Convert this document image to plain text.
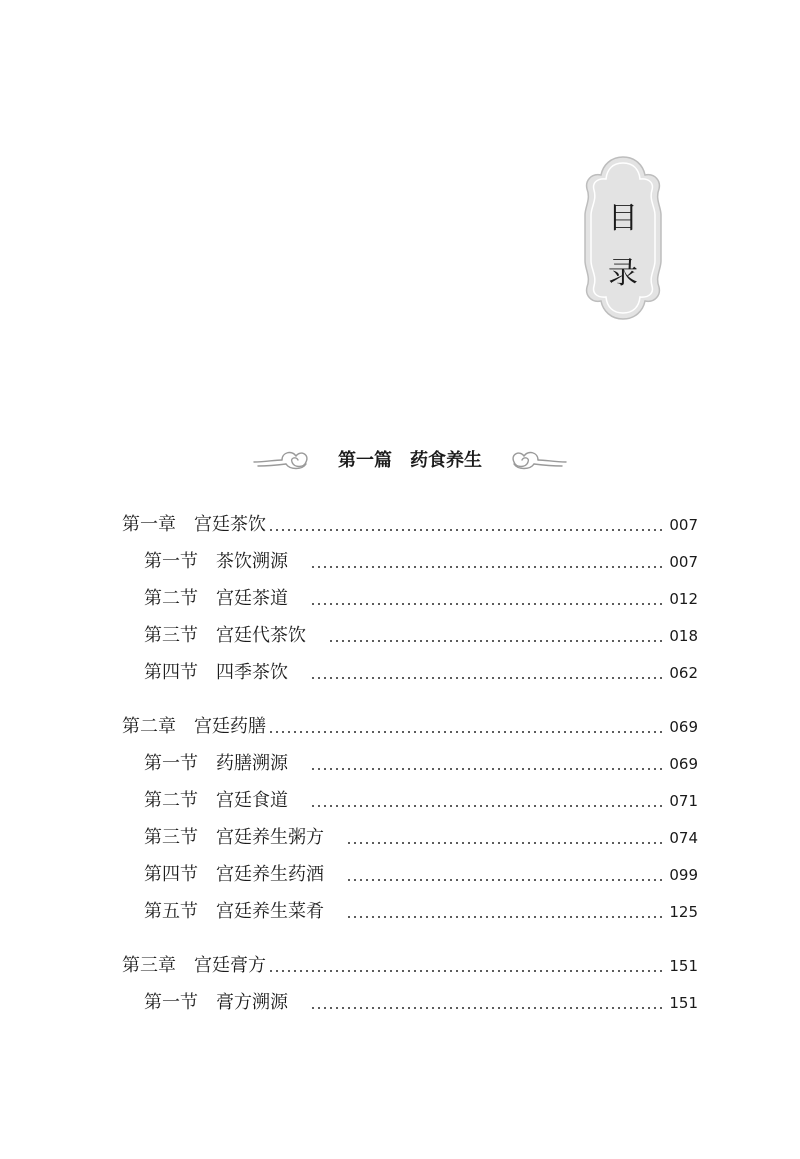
目
录
第一篇　药食养生
第一章　宫廷茶饮	007
第一节　茶饮溯源　	007
第二节　宫廷茶道　	012
第三节　宫廷代茶饮　	018
第四节　四季茶饮　	062
第二章　宫廷药膳	069
第一节　药膳溯源　	069
第二节　宫廷食道　	071
第三节　宫廷养生粥方　	074
第四节　宫廷养生药酒　	099
第五节　宫廷养生菜肴　	125
第三章　宫廷膏方	151
第一节　膏方溯源　	151
